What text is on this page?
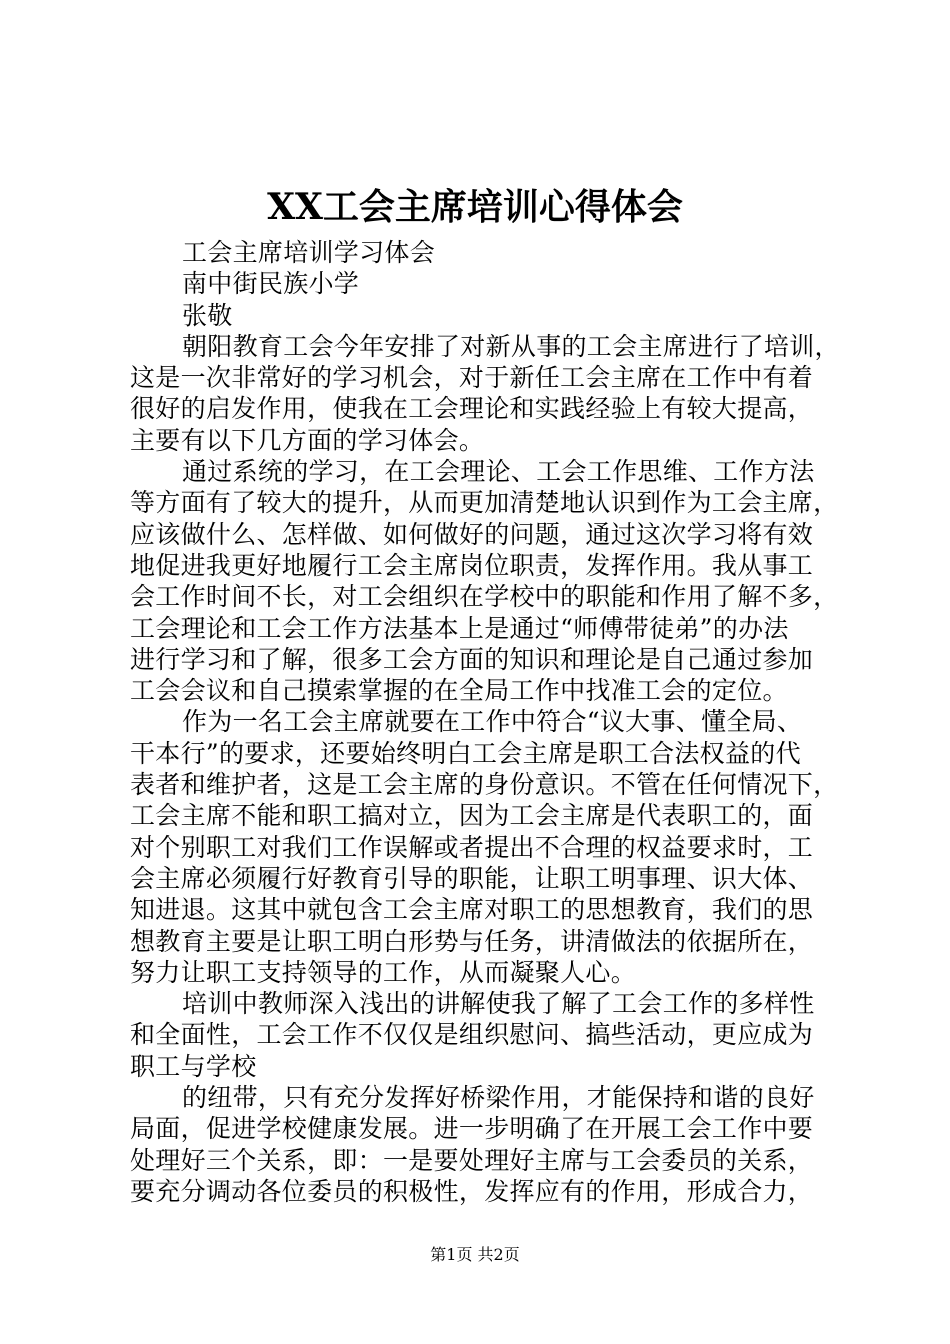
XX工会主席培训心得体会
工会主席培训学习体会
南中街民族小学
张敬
朝阳教育工会今年安排了对新从事的工会主席进行了培训，
这是一次非常好的学习机会，对于新任工会主席在工作中有着
很好的启发作用，使我在工会理论和实践经验上有较大提高，
主要有以下几方面的学习体会。
通过系统的学习，在工会理论、工会工作思维、工作方法
等方面有了较大的提升，从而更加清楚地认识到作为工会主席，
应该做什么、怎样做、如何做好的问题，通过这次学习将有效
地促进我更好地履行工会主席岗位职责，发挥作用。我从事工
会工作时间不长，对工会组织在学校中的职能和作用了解不多，
工会理论和工会工作方法基本上是通过“师傅带徒弟”的办法
进行学习和了解，很多工会方面的知识和理论是自己通过参加
工会会议和自己摸索掌握的在全局工作中找准工会的定位。
作为一名工会主席就要在工作中符合“议大事、懂全局、
干本行”的要求，还要始终明白工会主席是职工合法权益的代
表者和维护者，这是工会主席的身份意识。不管在任何情况下，
工会主席不能和职工搞对立，因为工会主席是代表职工的，面
对个别职工对我们工作误解或者提出不合理的权益要求时，工
会主席必须履行好教育引导的职能，让职工明事理、识大体、
知进退。这其中就包含工会主席对职工的思想教育，我们的思
想教育主要是让职工明白形势与任务，讲清做法的依据所在，
努力让职工支持领导的工作，从而凝聚人心。
培训中教师深入浅出的讲解使我了解了工会工作的多样性
和全面性，工会工作不仅仅是组织慰问、搞些活动，更应成为
职工与学校
的纽带，只有充分发挥好桥梁作用，才能保持和谐的良好
局面，促进学校健康发展。进一步明确了在开展工会工作中要
处理好三个关系，即：一是要处理好主席与工会委员的关系，
要充分调动各位委员的积极性，发挥应有的作用，形成合力，
第1页 共2页
